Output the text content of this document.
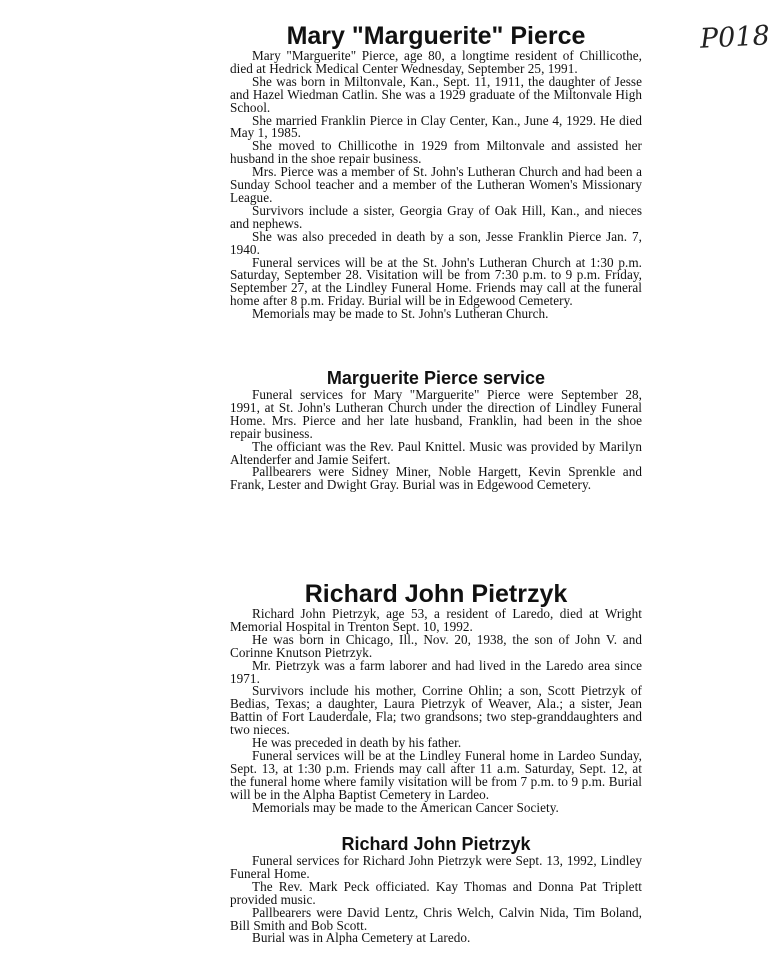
P018
Mary "Marguerite" Pierce

Mary "Marguerite" Pierce, age 80, a longtime resident of Chillicothe, died at Hedrick Medical Center Wednesday, September 25, 1991.

She was born in Miltonvale, Kan., Sept. 11, 1911, the daughter of Jesse and Hazel Wiedman Catlin. She was a 1929 graduate of the Miltonvale High School.

She married Franklin Pierce in Clay Center, Kan., June 4, 1929. He died May 1, 1985.

She moved to Chillicothe in 1929 from Miltonvale and assisted her husband in the shoe repair business.

Mrs. Pierce was a member of St. John's Lutheran Church and had been a Sunday School teacher and a member of the Lutheran Women's Missionary League.

Survivors include a sister, Georgia Gray of Oak Hill, Kan., and nieces and nephews.

She was also preceded in death by a son, Jesse Franklin Pierce Jan. 7, 1940.

Funeral services will be at the St. John's Lutheran Church at 1:30 p.m. Saturday, September 28. Visitation will be from 7:30 p.m. to 9 p.m. Friday, September 27, at the Lindley Funeral Home. Friends may call at the funeral home after 8 p.m. Friday. Burial will be in Edgewood Cemetery.

Memorials may be made to St. John's Lutheran Church.

Marguerite Pierce service

Funeral services for Mary "Marguerite" Pierce were September 28, 1991, at St. John's Lutheran Church under the direction of Lindley Funeral Home. Mrs. Pierce and her late husband, Franklin, had been in the shoe repair business.

The officiant was the Rev. Paul Knittel. Music was provided by Marilyn Altenderfer and Jamie Seifert.

Pallbearers were Sidney Miner, Noble Hargett, Kevin Sprenkle and Frank, Lester and Dwight Gray. Burial was in Edgewood Cemetery.

Richard John Pietrzyk

Richard John Pietrzyk, age 53, a resident of Laredo, died at Wright Memorial Hospital in Trenton Sept. 10, 1992.

He was born in Chicago, Ill., Nov. 20, 1938, the son of John V. and Corinne Knutson Pietrzyk.

Mr. Pietrzyk was a farm laborer and had lived in the Laredo area since 1971.

Survivors include his mother, Corrine Ohlin; a son, Scott Pietrzyk of Bedias, Texas; a daughter, Laura Pietrzyk of Weaver, Ala.; a sister, Jean Battin of Fort Lauderdale, Fla; two grandsons; two step-granddaughters and two nieces.

He was preceded in death by his father.

Funeral services will be at the Lindley Funeral home in Lardeo Sunday, Sept. 13, at 1:30 p.m. Friends may call after 11 a.m. Saturday, Sept. 12, at the funeral home where family visitation will be from 7 p.m. to 9 p.m. Burial will be in the Alpha Baptist Cemetery in Lardeo.

Memorials may be made to the American Cancer Society.

Richard John Pietrzyk

Funeral services for Richard John Pietrzyk were Sept. 13, 1992, Lindley Funeral Home.

The Rev. Mark Peck officiated. Kay Thomas and Donna Pat Triplett provided music.

Pallbearers were David Lentz, Chris Welch, Calvin Nida, Tim Boland, Bill Smith and Bob Scott.

Burial was in Alpha Cemetery at Laredo.
